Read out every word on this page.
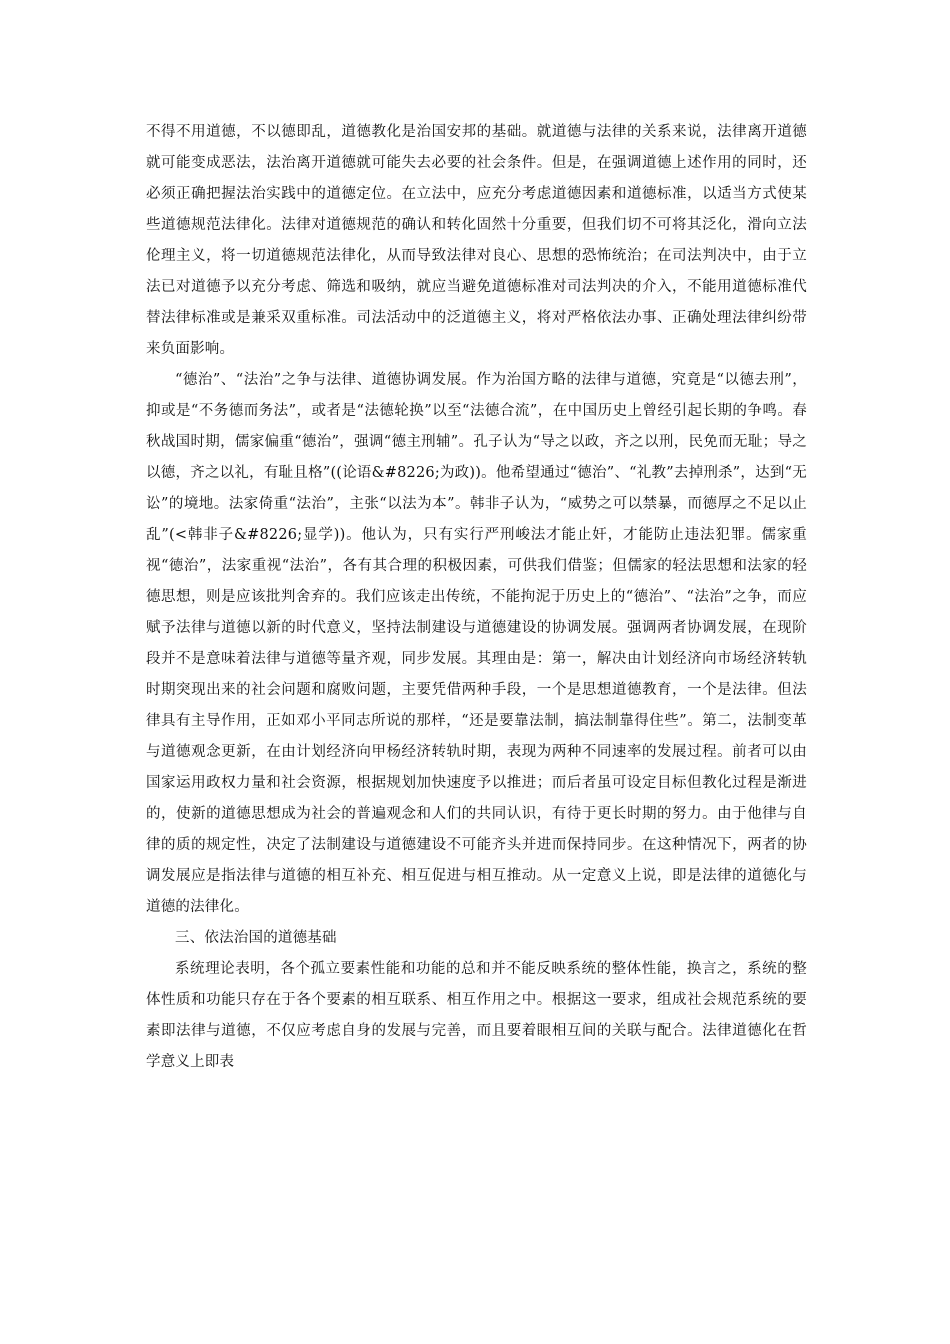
不得不用道德，不以德即乱，道德教化是治国安邦的基础。就道德与法律的关系来说，法律离开道德就可能变成恶法，法治离开道德就可能失去必要的社会条件。但是，在强调道德上述作用的同时，还必须正确把握法治实践中的道德定位。在立法中，应充分考虑道德因素和道德标准，以适当方式使某些道德规范法律化。法律对道德规范的确认和转化固然十分重要，但我们切不可将其泛化，滑向立法伦理主义，将一切道德规范法律化，从而导致法律对良心、思想的恐怖统治；在司法判决中，由于立法已对道德予以充分考虑、筛选和吸纳，就应当避免道德标准对司法判决的介入，不能用道德标准代替法律标准或是兼采双重标准。司法活动中的泛道德主义，将对严格依法办事、正确处理法律纠纷带来负面影响。

“德治”、“法治”之争与法律、道德协调发展。作为治国方略的法律与道德，究竟是“以德去刑”，抑或是“不务德而务法”，或者是“法德轮换”以至“法德合流”，在中国历史上曾经引起长期的争鸣。春秋战国时期，儒家偏重“德治”，强调“德主刑辅”。孔子认为“导之以政，齐之以刑，民免而无耻；导之以德，齐之以礼，有耻且格”((论语&#8226;为政))。他希望通过“德治”、“礼教”去掉刑杀”，达到“无讼”的境地。法家倚重“法治”，主张“以法为本”。韩非子认为，“威势之可以禁暴，而德厚之不足以止乱”(<韩非子&#8226;显学))。他认为，只有实行严刑峻法才能止奸，才能防止违法犯罪。儒家重视“德治”，法家重视“法治”，各有其合理的积极因素，可供我们借鉴；但儒家的轻法思想和法家的轻德思想，则是应该批判舍弃的。我们应该走出传统，不能拘泥于历史上的“德治”、“法治”之争，而应赋予法律与道德以新的时代意义，坚持法制建设与道德建设的协调发展。强调两者协调发展，在现阶段并不是意味着法律与道德等量齐观，同步发展。其理由是：第一，解决由计划经济向市场经济转轨时期突现出来的社会问题和腐败问题，主要凭借两种手段，一个是思想道德教育，一个是法律。但法律具有主导作用，正如邓小平同志所说的那样，“还是要靠法制，搞法制靠得住些”。第二，法制变革与道德观念更新，在由计划经济向甲杨经济转轨时期，表现为两种不同速率的发展过程。前者可以由国家运用政权力量和社会资源，根据规划加快速度予以推进；而后者虽可设定目标但教化过程是渐进的，使新的道德思想成为社会的普遍观念和人们的共同认识，有待于更长时期的努力。由于他律与自律的质的规定性，决定了法制建设与道德建设不可能齐头并进而保持同步。在这种情况下，两者的协调发展应是指法律与道德的相互补充、相互促进与相互推动。从一定意义上说，即是法律的道德化与道德的法律化。

三、依法治国的道德基础

系统理论表明，各个孤立要素性能和功能的总和并不能反映系统的整体性能，换言之，系统的整体性质和功能只存在于各个要素的相互联系、相互作用之中。根据这一要求，组成社会规范系统的要素即法律与道德，不仅应考虑自身的发展与完善，而且要着眼相互间的关联与配合。法律道德化在哲学意义上即表
